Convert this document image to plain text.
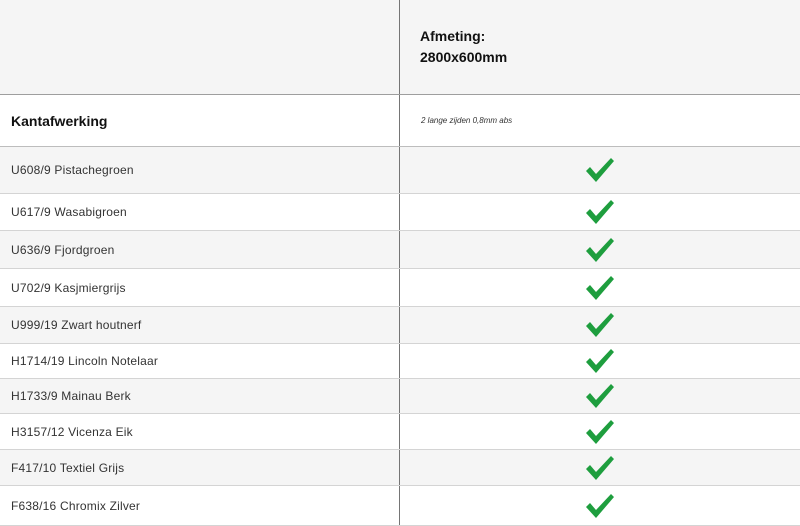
Afmeting:
2800x600mm
Kantafwerking	2 lange zijden 0,8mm abs
U608/9 Pistachegroen
U617/9 Wasabigroen
U636/9 Fjordgroen
U702/9 Kasjmiergrijs
U999/19 Zwart houtnerf
H1714/19 Lincoln Notelaar
H1733/9 Mainau Berk
H3157/12 Vicenza Eik
F417/10 Textiel Grijs
F638/16 Chromix Zilver
